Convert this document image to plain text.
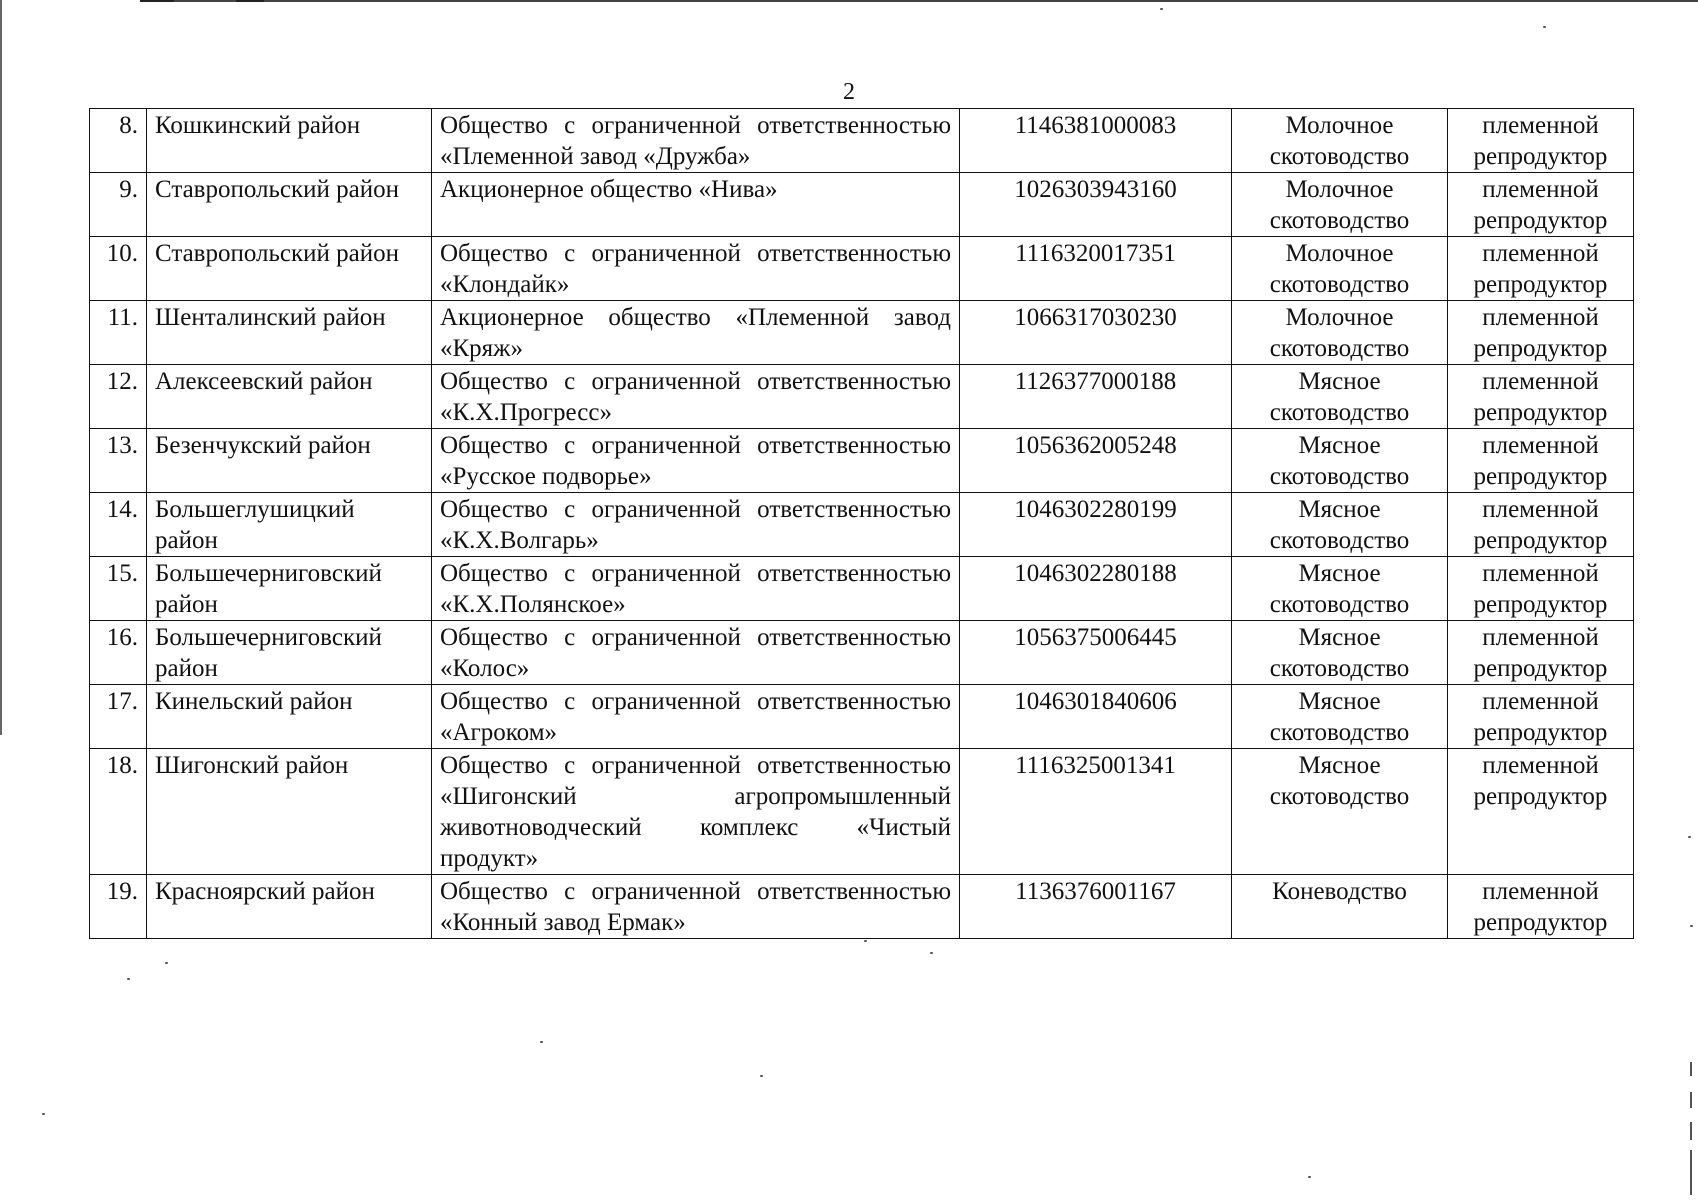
2
8.	Кошкинский район	Общество с ограниченной ответственностью «Племенной завод «Дружба»	1146381000083	Молочное скотоводство	племенной репродуктор
9.	Ставропольский район	Акционерное общество «Нива»	1026303943160	Молочное скотоводство	племенной репродуктор
10.	Ставропольский район	Общество с ограниченной ответственностью «Клондайк»	1116320017351	Молочное скотоводство	племенной репродуктор
11.	Шенталинский район	Акционерное общество «Племенной завод «Кряж»	1066317030230	Молочное скотоводство	племенной репродуктор
12.	Алексеевский район	Общество с ограниченной ответственностью «К.Х.Прогресс»	1126377000188	Мясное скотоводство	племенной репродуктор
13.	Безенчукский район	Общество с ограниченной ответственностью «Русское подворье»	1056362005248	Мясное скотоводство	племенной репродуктор
14.	Большеглушицкий район	Общество с ограниченной ответственностью «К.Х.Волгарь»	1046302280199	Мясное скотоводство	племенной репродуктор
15.	Большечерниговский район	Общество с ограниченной ответственностью «К.Х.Полянское»	1046302280188	Мясное скотоводство	племенной репродуктор
16.	Большечерниговский район	Общество с ограниченной ответственностью «Колос»	1056375006445	Мясное скотоводство	племенной репродуктор
17.	Кинельский район	Общество с ограниченной ответственностью «Агроком»	1046301840606	Мясное скотоводство	племенной репродуктор
18.	Шигонский район	Общество с ограниченной ответственностью «Шигонский агропромышленный животноводческий комплекс «Чистый продукт»	1116325001341	Мясное скотоводство	племенной репродуктор
19.	Красноярский район	Общество с ограниченной ответственностью «Конный завод Ермак»	1136376001167	Коневодство	племенной репродуктор
